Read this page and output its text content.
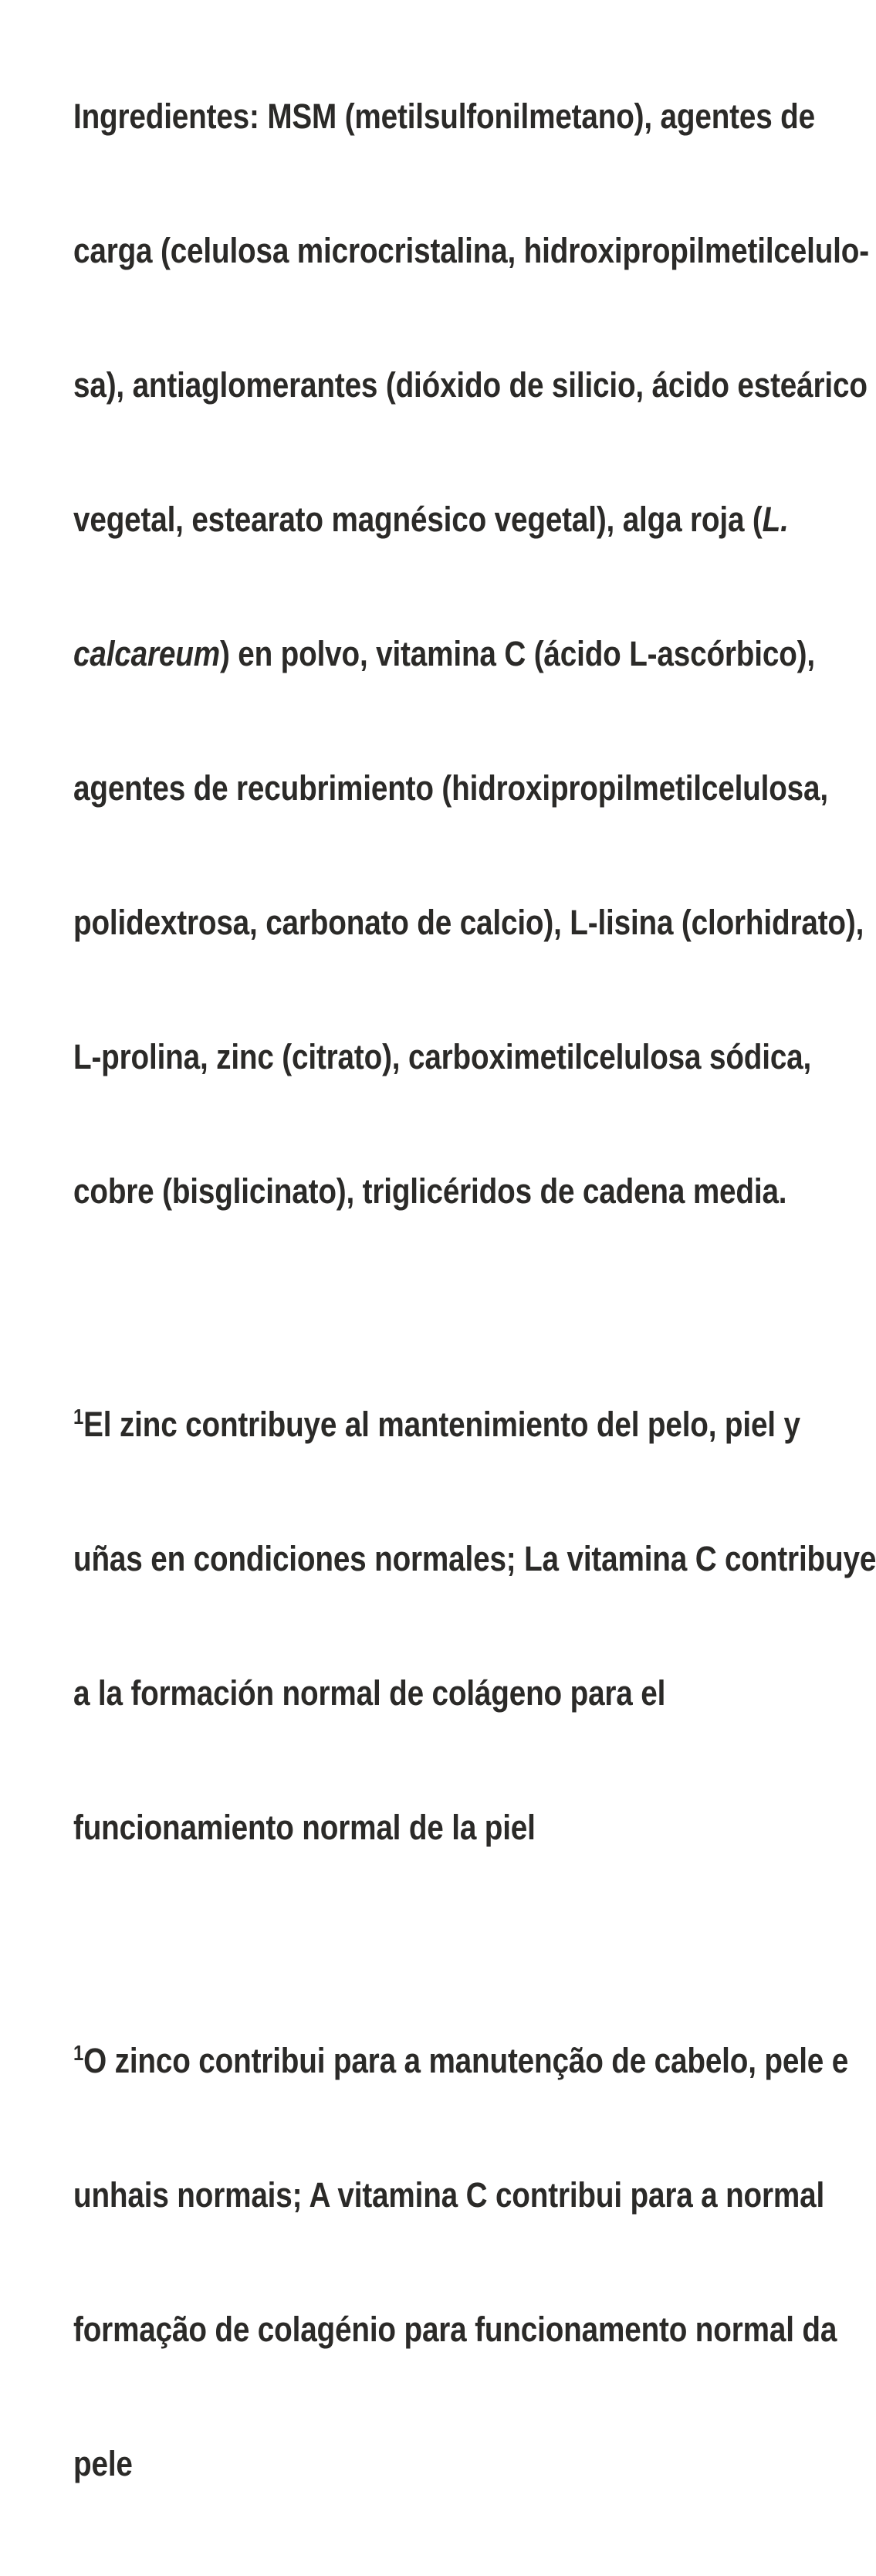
Ingredientes: MSM (metilsulfonilmetano), agentes de

carga (celulosa microcristalina, hidroxipropilmetilcelulo-

sa), antiaglomerantes (dióxido de silicio, ácido esteárico

vegetal, estearato magnésico vegetal), alga roja (L.

calcareum) en polvo, vitamina C (ácido L-ascórbico),

agentes de recubrimiento (hidroxipropilmetilcelulosa,

polidextrosa, carbonato de calcio), L-lisina (clorhidrato),

L-prolina, zinc (citrato), carboximetilcelulosa sódica,

cobre (bisglicinato), triglicéridos de cadena media.

$^1$El zinc contribuye al mantenimiento del pelo, piel y

uñas en condiciones normales; La vitamina C contribuye

a la formación normal de colágeno para el

funcionamiento normal de la piel

$^1$O zinco contribui para a manutenção de cabelo, pele e

unhais normais; A vitamina C contribui para a normal

formação de colagénio para funcionamento normal da

pele
